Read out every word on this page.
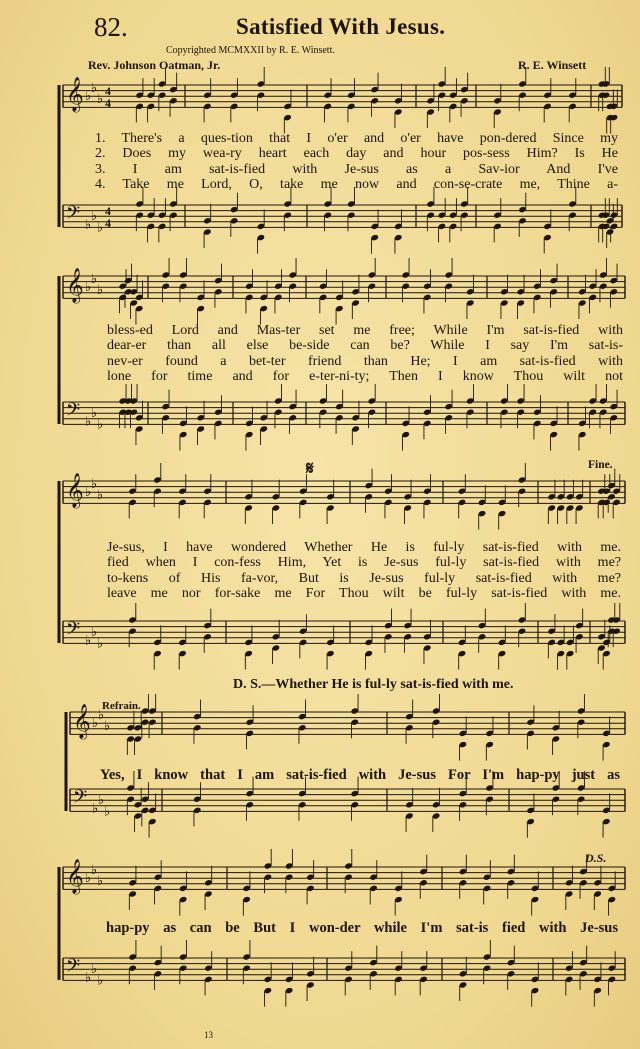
82.	Satisfied With Jesus.
Copyrighted MCMXXII by R. E. Winsett.
Rev. Johnson Oatman, Jr.	R. E. Winsett
𝄞 ♭
♭
♭ 4
4
𝄢 ♭
♭
♭
4
4
𝄞 ♭
♭
♭
𝄢 ♭
♭
♭
𝄞 ♭
♭
♭
𝄢 ♭
♭
♭
𝄞 ♭
♭
♭
𝄢 ♭
♭
♭
𝄞 ♭
♭
♭
𝄢 ♭
♭
♭
𝄋
1. There's a ques-tion that I o'er and o'er have pon-dered Since my
2. Does my wea-ry heart each day and hour pos-sess Him? Is He
3. I am sat-is-fied with Je-sus as a Sav-ior And I've
4. Take me Lord, O, take me now and con-se-crate me, Thine a-
bless-ed Lord and Mas-ter set me free; While I'm sat-is-fied with
dear-er than all else be-side can be? While I say I'm sat-is-
nev-er found a bet-ter friend than He; I am sat-is-fied with
lone for time and for e-ter-ni-ty; Then I know Thou wilt not
Je-sus, I have wondered Whether He is ful-ly sat-is-fied with me.
fied when I con-fess Him, Yet is Je-sus ful-ly sat-is-fied with me?
to-kens of His fa-vor, But is Je-sus ful-ly sat-is-fied with me?
leave me nor for-sake me For Thou wilt be ful-ly sat-is-fied with me.
Fine.
D. S.—Whether He is ful-ly sat-is-fied with me.
Refrain.
Yes, I know that I am sat-is-fied with Je-sus For I'm hap-py just as
D.S.
hap-py as can be But I won-der while I'm sat-is fied with Je-sus
13
